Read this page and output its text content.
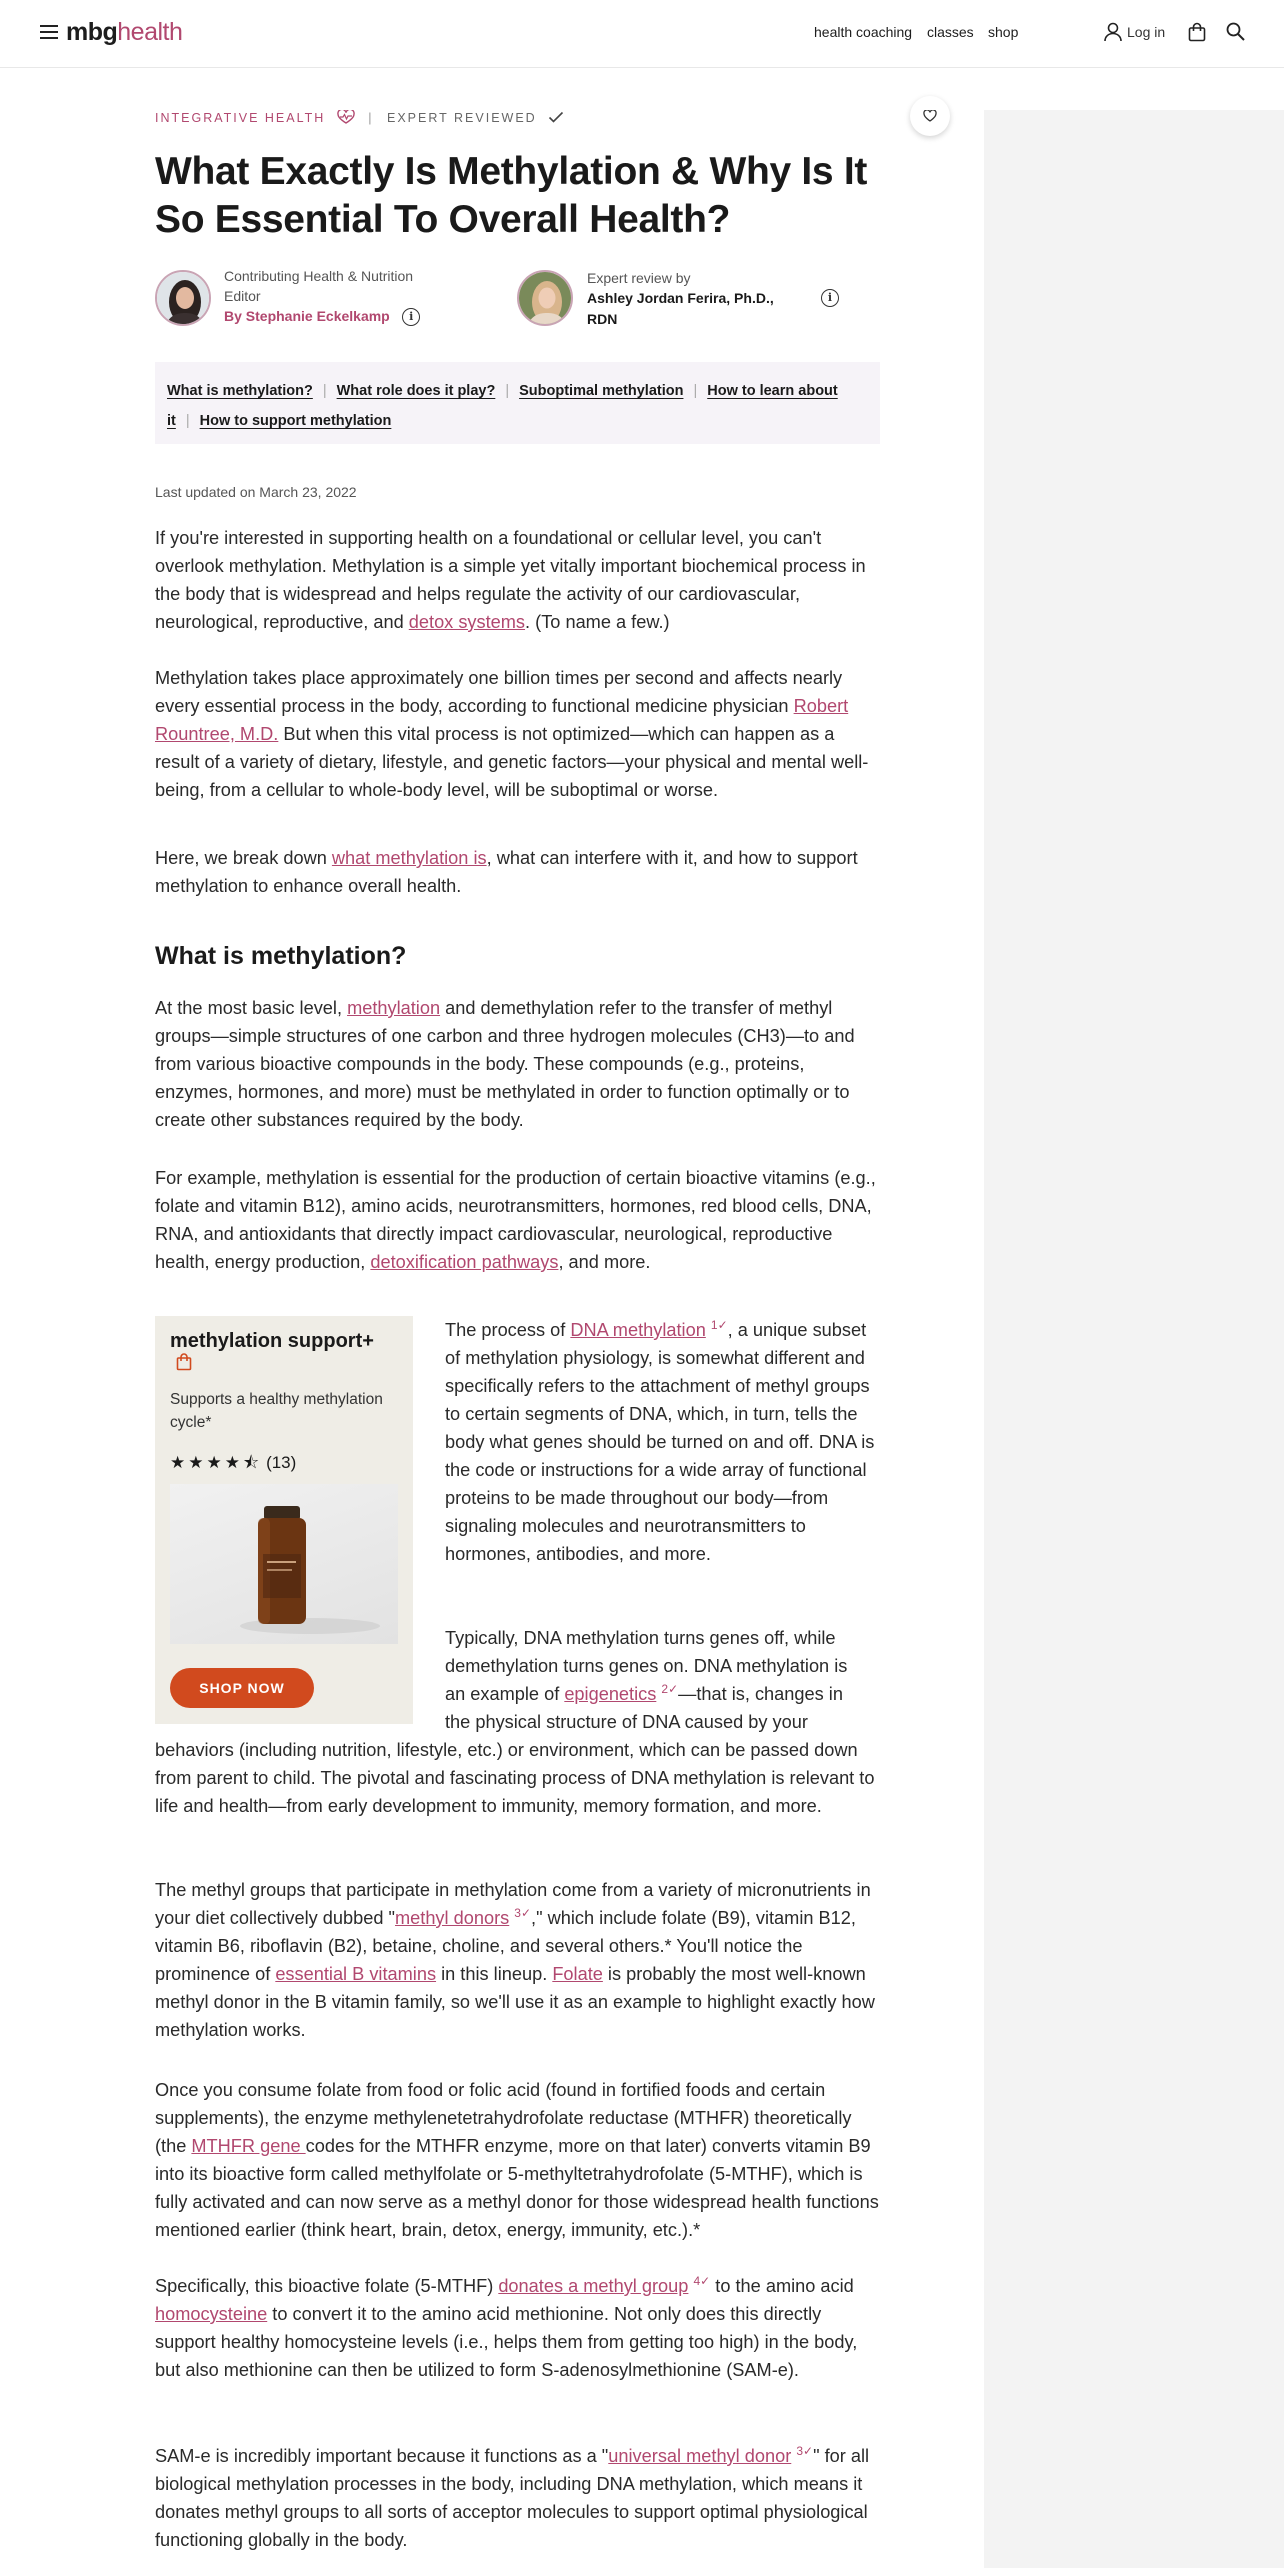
mbghealth	health coaching classes shop	Log in
INTEGRATIVE HEALTH	| EXPERT REVIEWED
What Exactly Is Methylation & Why Is It So Essential To Overall Health?
Contributing Health & Nutrition
Editor
By Stephanie Eckelkamp i
Expert review by
Ashley Jordan Ferira, Ph.D.,
RDN
i
What is methylation? | What role does it play? | Suboptimal methylation | How to learn about it | How to support methylation
Last updated on March 23, 2022
If you're interested in supporting health on a foundational or cellular level, you can't overlook methylation. Methylation is a simple yet vitally important biochemical process in the body that is widespread and helps regulate the activity of our cardiovascular, neurological, reproductive, and detox systems. (To name a few.)
Methylation takes place approximately one billion times per second and affects nearly every essential process in the body, according to functional medicine physician Robert Rountree, M.D. But when this vital process is not optimized—which can happen as a result of a variety of dietary, lifestyle, and genetic factors—your physical and mental well-being, from a cellular to whole-body level, will be suboptimal or worse.
Here, we break down what methylation is, what can interfere with it, and how to support methylation to enhance overall health.
What is methylation?
At the most basic level, methylation and demethylation refer to the transfer of methyl groups—simple structures of one carbon and three hydrogen molecules (CH3)—to and from various bioactive compounds in the body. These compounds (e.g., proteins, enzymes, hormones, and more) must be methylated in order to function optimally or to create other substances required by the body.
For example, methylation is essential for the production of certain bioactive vitamins (e.g., folate and vitamin B12), amino acids, neurotransmitters, hormones, red blood cells, DNA, RNA, and antioxidants that directly impact cardiovascular, neurological, reproductive health, energy production, detoxification pathways, and more.
methylation support+
Supports a healthy methylation cycle*
★★★★⯪ (13)
SHOP NOW
The process of DNA methylation $^{1✓}$, a unique subset of methylation physiology, is somewhat different and specifically refers to the attachment of methyl groups to certain segments of DNA, which, in turn, tells the body what genes should be turned on and off. DNA is the code or instructions for a wide array of functional proteins to be made throughout our body—from signaling molecules and neurotransmitters to hormones, antibodies, and more.
Typically, DNA methylation turns genes off, while
demethylation turns genes on. DNA methylation is
an example of epigenetics $^{2✓}$—that is, changes in
the physical structure of DNA caused by your
behaviors (including nutrition, lifestyle, etc.) or environment, which can be passed down from parent to child. The pivotal and fascinating process of DNA methylation is relevant to life and health—from early development to immunity, memory formation, and more.
The methyl groups that participate in methylation come from a variety of micronutrients in your diet collectively dubbed "methyl donors $^{3✓}$," which include folate (B9), vitamin B12, vitamin B6, riboflavin (B2), betaine, choline, and several others.* You'll notice the prominence of essential B vitamins in this lineup. Folate is probably the most well-known methyl donor in the B vitamin family, so we'll use it as an example to highlight exactly how methylation works.
Once you consume folate from food or folic acid (found in fortified foods and certain supplements), the enzyme methylenetetrahydrofolate reductase (MTHFR) theoretically (the MTHFR gene codes for the MTHFR enzyme, more on that later) converts vitamin B9 into its bioactive form called methylfolate or 5-methyltetrahydrofolate (5-MTHF), which is fully activated and can now serve as a methyl donor for those widespread health functions mentioned earlier (think heart, brain, detox, energy, immunity, etc.).*
Specifically, this bioactive folate (5-MTHF) donates a methyl group $^{4✓}$ to the amino acid homocysteine to convert it to the amino acid methionine. Not only does this directly support healthy homocysteine levels (i.e., helps them from getting too high) in the body, but also methionine can then be utilized to form S-adenosylmethionine (SAM-e).
SAM-e is incredibly important because it functions as a "universal methyl donor $^{3✓}$" for all biological methylation processes in the body, including DNA methylation, which means it donates methyl groups to all sorts of acceptor molecules to support optimal physiological functioning globally in the body.
